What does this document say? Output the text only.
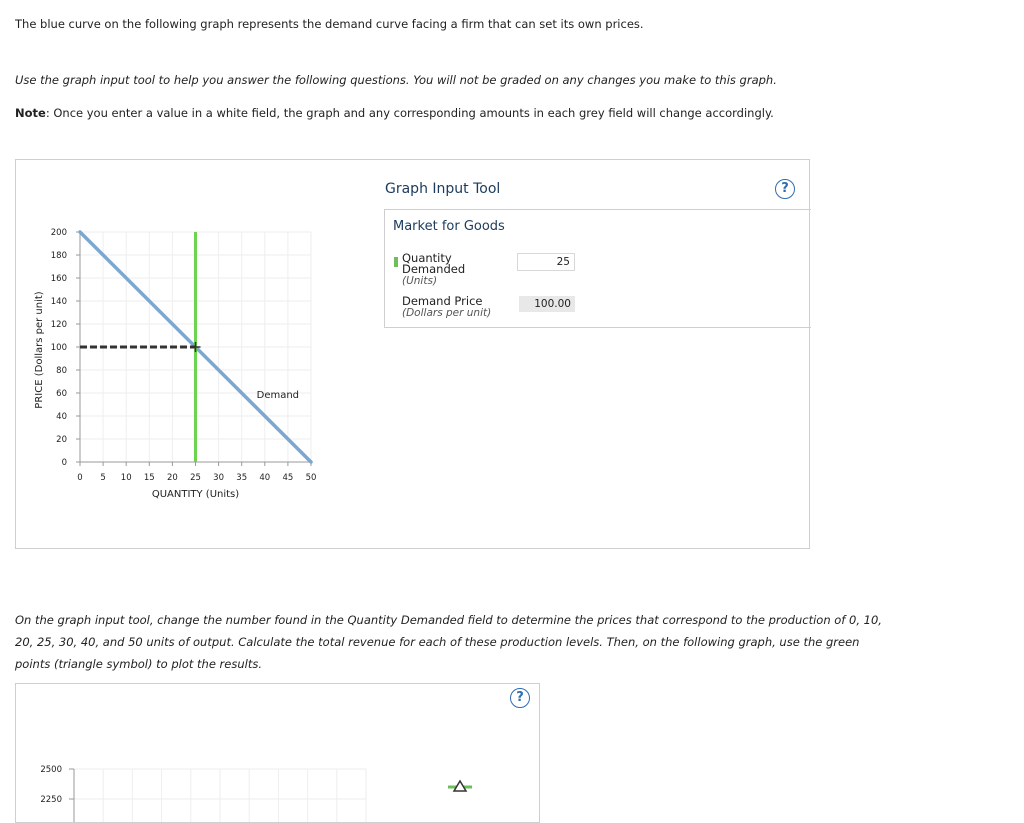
The blue curve on the following graph represents the demand curve facing a firm that can set its own prices.
Use the graph input tool to help you answer the following questions. You will not be graded on any changes you make to this graph.
Note: Once you enter a value in a white field, the graph and any corresponding amounts in each grey field will change accordingly.
0
20
40
60
80
100
120
140
160
180
200
0 5 10 15 20 25 30 35 40 45 50
QUANTITY (Units)
PRICE (Dollars per unit)	Demand
Graph Input Tool	?
Market for Goods
Quantity Demanded
(Units)
25
Demand Price
(Dollars per unit)
100.00
On the graph input tool, change the number found in the Quantity Demanded field to determine the prices that correspond to the production of 0, 10, 20, 25, 30, 40, and 50 units of output. Calculate the total revenue for each of these production levels. Then, on the following graph, use the green points (triangle symbol) to plot the results.
2500
2250
?
